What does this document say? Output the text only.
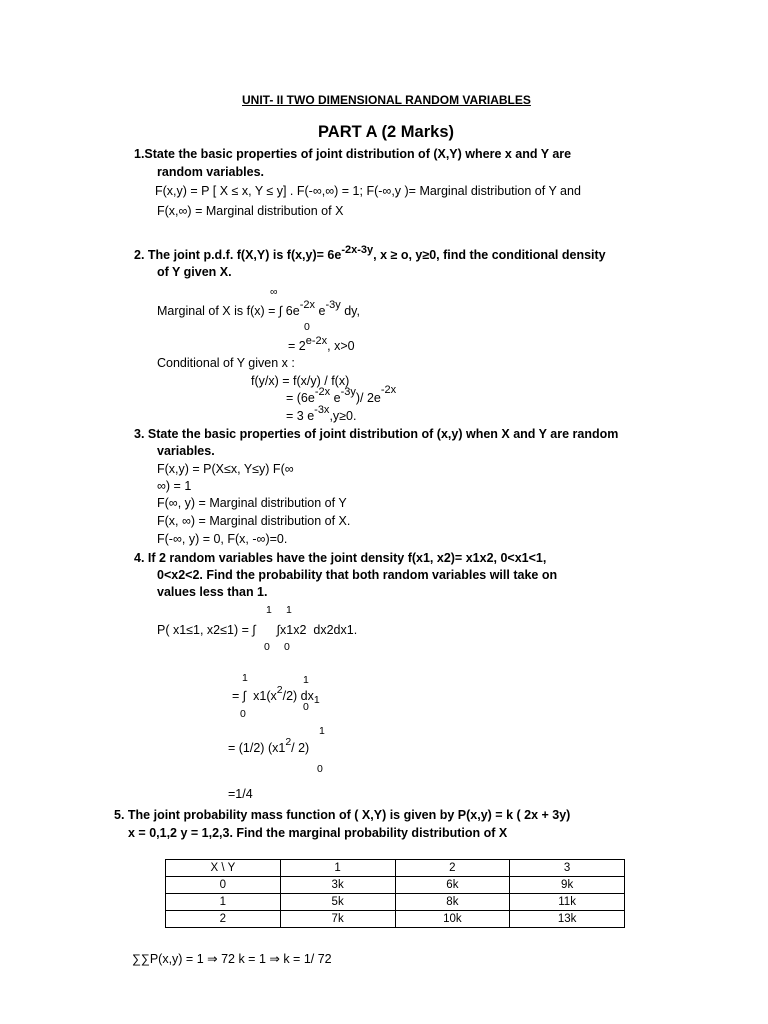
UNIT- II TWO DIMENSIONAL RANDOM VARIABLES
PART A (2 Marks)
1.State the basic properties of joint distribution of (X,Y) where x and Y are
random variables.
F(x,y) = P [ X ≤ x, Y ≤ y] . F(-∞,∞) = 1; F(-∞,y )= Marginal distribution of Y and
F(x,∞) = Marginal distribution of X
2. The joint p.d.f. f(X,Y) is f(x,y)= 6e-2x-3y, x ≥ o, y≥0, find the conditional density
of Y given X.
∞
Marginal of X is f(x) = ∫ 6e-2x e-3y dy,
0
= 2e-2x, x>0
Conditional of Y given x :
f(y/x) = f(x/y) / f(x)
= (6e-2x e-3y)/ 2e-2x
= 3 e-3x,y≥0.
3. State the basic properties of joint distribution of (x,y) when X and Y are random
variables.
F(x,y) = P(X≤x, Y≤y) F(∞
∞) = 1
F(∞, y) = Marginal distribution of Y
F(x, ∞) = Marginal distribution of X.
F(-∞, y) = 0, F(x, -∞)=0.
4. If 2 random variables have the joint density f(x1, x2)= x1x2, 0<x1<1,
0<x2<2. Find the probability that both random variables will take on
values less than 1.
1 1
P( x1≤1, x2≤1) = ∫      ∫x1x2  dx2dx1.
0 0
1	1
= ∫  $x1(x^2/2)$ $dx_1$
0
0
1
= (1/2) ($x1^2/$ 2)
0
=1/4
5. The joint probability mass function of ( X,Y) is given by P(x,y) = k ( 2x + 3y)
x = 0,1,2 y = 1,2,3. Find the marginal probability distribution of X
X \ Y	1	2	3
0	3k	6k	9k
1	5k	8k	11k
2	7k	10k	13k
∑∑P(x,y) = 1 ⇒ 72 k = 1 ⇒ k = 1/ 72
